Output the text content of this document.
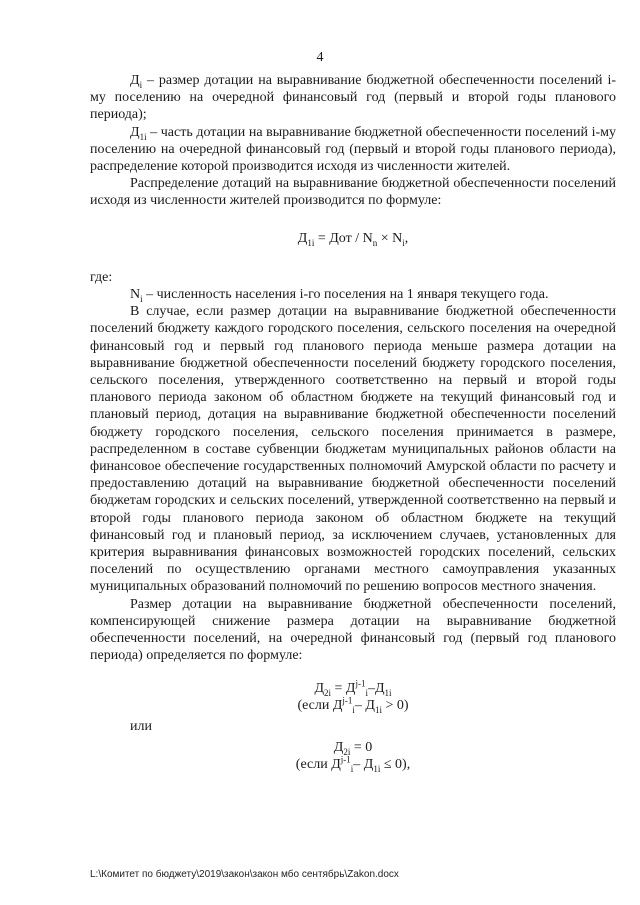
4

$Д_i$ – размер дотации на выравнивание бюджетной обеспеченности поселений i-му поселению на очередной финансовый год (первый и второй годы планового периода);

$Д_{1i}$ – часть дотации на выравнивание бюджетной обеспеченности поселений i-му поселению на очередной финансовый год (первый и второй годы планового периода), распределение которой производится исходя из численности жителей.

Распределение дотаций на выравнивание бюджетной обеспеченности поселений исходя из численности жителей производится по формуле:

$Д_{1i}$ = Дот / $N_n \times N_i$,

где:

$N_i$ – численность населения i-го поселения на 1 января текущего года.

В случае, если размер дотации на выравнивание бюджетной обеспеченности поселений бюджету каждого городского поселения, сельского поселения на очередной финансовый год и первый год планового периода меньше размера дотации на выравнивание бюджетной обеспеченности поселений бюджету городского поселения, сельского поселения, утвержденного соответственно на первый и второй годы планового периода законом об областном бюджете на текущий финансовый год и плановый период, дотация на выравнивание бюджетной обеспеченности поселений бюджету городского поселения, сельского поселения принимается в размере, распределенном в составе субвенции бюджетам муниципальных районов области на финансовое обеспечение государственных полномочий Амурской области по расчету и предоставлению дотаций на выравнивание бюджетной обеспеченности поселений бюджетам городских и сельских поселений, утвержденной соответственно на первый и второй годы планового периода законом об областном бюджете на текущий финансовый год и плановый период, за исключением случаев, установленных для критерия выравнивания финансовых возможностей городских поселений, сельских поселений по осуществлению органами местного самоуправления указанных муниципальных образований полномочий по решению вопросов местного значения.

Размер дотации на выравнивание бюджетной обеспеченности поселений, компенсирующей снижение размера дотации на выравнивание бюджетной обеспеченности поселений, на очередной финансовый год (первый год планового периода) определяется по формуле:

$Д_{2i} = Д^{j-1}_i-Д_{1i}$

(если $Д^{j-1}_i-$ $Д_{1i} > 0$)

или

$Д_{2i} = 0$

(если $Д^{j-1}_i-$ $Д_{1i} \le 0$),

L:\Комитет по бюджету\2019\закон\закон мбо сентябрь\Zakon.docx
